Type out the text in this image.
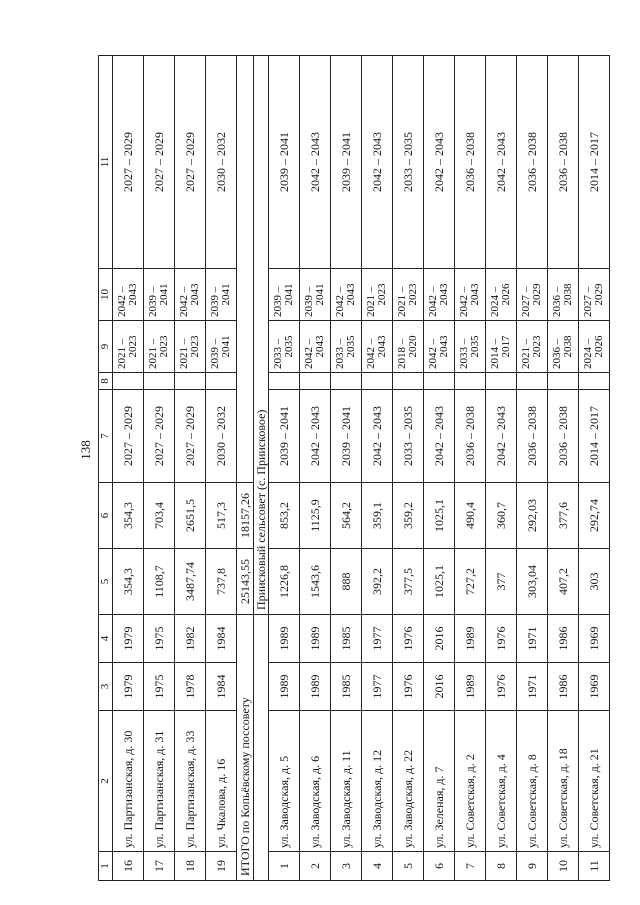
138
1	2	3	4	5	6	7	8	9	10	11
16	ул. Партизанская, д. 30	1979	1979	354,3	354,3	2027 – 2029		2021 – 2023	2042 – 2043	2027 – 2029
17	ул. Партизанская, д. 31	1975	1975	1108,7	703,4	2027 – 2029		2021 – 2023	2039 – 2041	2027 – 2029
18	ул. Партизанская, д. 33	1978	1982	3487,74	2651,5	2027 – 2029		2021 – 2023	2042 – 2043	2027 – 2029
19	ул. Чкалова, д. 16	1984	1984	737,8	517,3	2030 – 2032		2039 – 2041	2039 – 2041	2030 – 2032
ИТОГО по Копьёвскому поссовету				25143,55	18157,26					
				Приисковый сельсовет (с. Приисковое)						
1	ул. Заводская, д. 5	1989	1989	1226,8	853,2	2039 – 2041		2033 – 2035	2039 – 2041	2039 – 2041
2	ул. Заводская, д. 6	1989	1989	1543,6	1125,9	2042 – 2043		2042 – 2043	2039 – 2041	2042 – 2043
3	ул. Заводская, д. 11	1985	1985	888	564,2	2039 – 2041		2033 – 2035	2042 – 2043	2039 – 2041
4	ул. Заводская, д. 12	1977	1977	392,2	359,1	2042 – 2043		2042 – 2043	2021 – 2023	2042 – 2043
5	ул. Заводская, д. 22	1976	1976	377,5	359,2	2033 – 2035		2018 – 2020	2021 – 2023	2033 – 2035
6	ул. Зеленая, д. 7	2016	2016	1025,1	1025,1	2042 – 2043		2042 – 2043	2042 – 2043	2042 – 2043
7	ул. Советская, д. 2	1989	1989	727,2	490,4	2036 – 2038		2033 – 2035	2042 – 2043	2036 – 2038
8	ул. Советская, д. 4	1976	1976	377	360,7	2042 – 2043		2014 – 2017	2024 – 2026	2042 – 2043
9	ул. Советская, д. 8	1971	1971	303,04	292,03	2036 – 2038		2021 – 2023	2027 – 2029	2036 – 2038
10	ул. Советская, д. 18	1986	1986	407,2	377,6	2036 – 2038		2036 – 2038	2036 – 2038	2036 – 2038
11	ул. Советская, д. 21	1969	1969	303	292,74	2014 – 2017		2024 – 2026	2027 – 2029	2014 – 2017
